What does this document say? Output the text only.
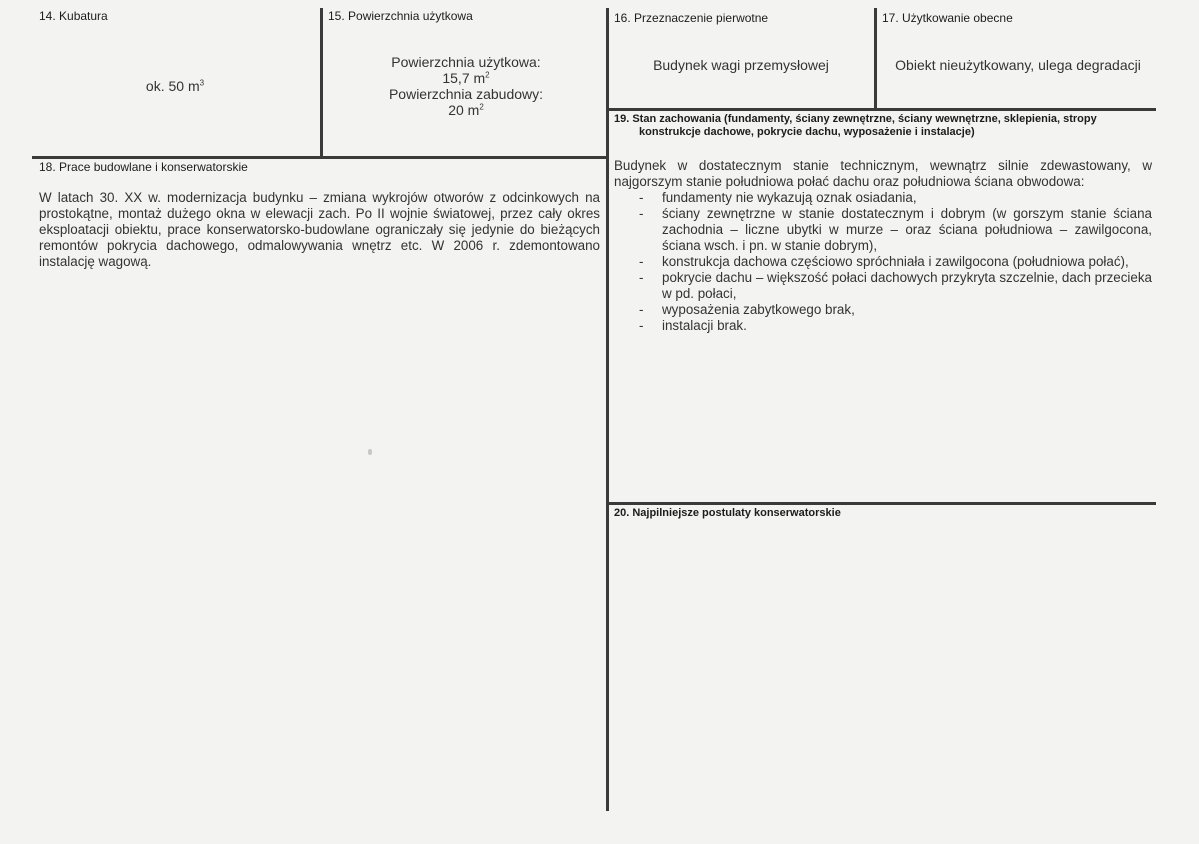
14. Kubatura
ok. 50 $m^3$
15. Powierzchnia użytkowa
Powierzchnia użytkowa:
15,7 $m^2$
Powierzchnia zabudowy:
20 $m^2$
16. Przeznaczenie pierwotne
Budynek wagi przemysłowej
17. Użytkowanie obecne
Obiekt nieużytkowany, ulega degradacji
18. Prace budowlane i konserwatorskie
W latach 30. XX w. modernizacja budynku – zmiana wykrojów otworów z odcinkowych na prostokątne, montaż dużego okna w elewacji zach. Po II wojnie światowej, przez cały okres eksploatacji obiektu, prace konserwatorsko-budowlane ograniczały się jedynie do bieżących remontów pokrycia dachowego, odmalowywania wnętrz etc. W 2006 r. zdemontowano instalację wagową.
19. Stan zachowania (fundamenty, ściany zewnętrzne, ściany wewnętrzne, sklepienia, stropy
konstrukcje dachowe, pokrycie dachu, wyposażenie i instalacje)
Budynek w dostatecznym stanie technicznym, wewnątrz silnie zdewastowany, w najgorszym stanie południowa połać dachu oraz południowa ściana obwodowa:
- fundamenty nie wykazują oznak osiadania,
- ściany zewnętrzne w stanie dostatecznym i dobrym (w gorszym stanie ściana zachodnia – liczne ubytki w murze – oraz ściana południowa – zawilgocona, ściana wsch. i pn. w stanie dobrym),
- konstrukcja dachowa częściowo spróchniała i zawilgocona (południowa połać),
- pokrycie dachu – większość połaci dachowych przykryta szczelnie, dach przecieka w pd. połaci,
- wyposażenia zabytkowego brak,
- instalacji brak.
20. Najpilniejsze postulaty konserwatorskie
